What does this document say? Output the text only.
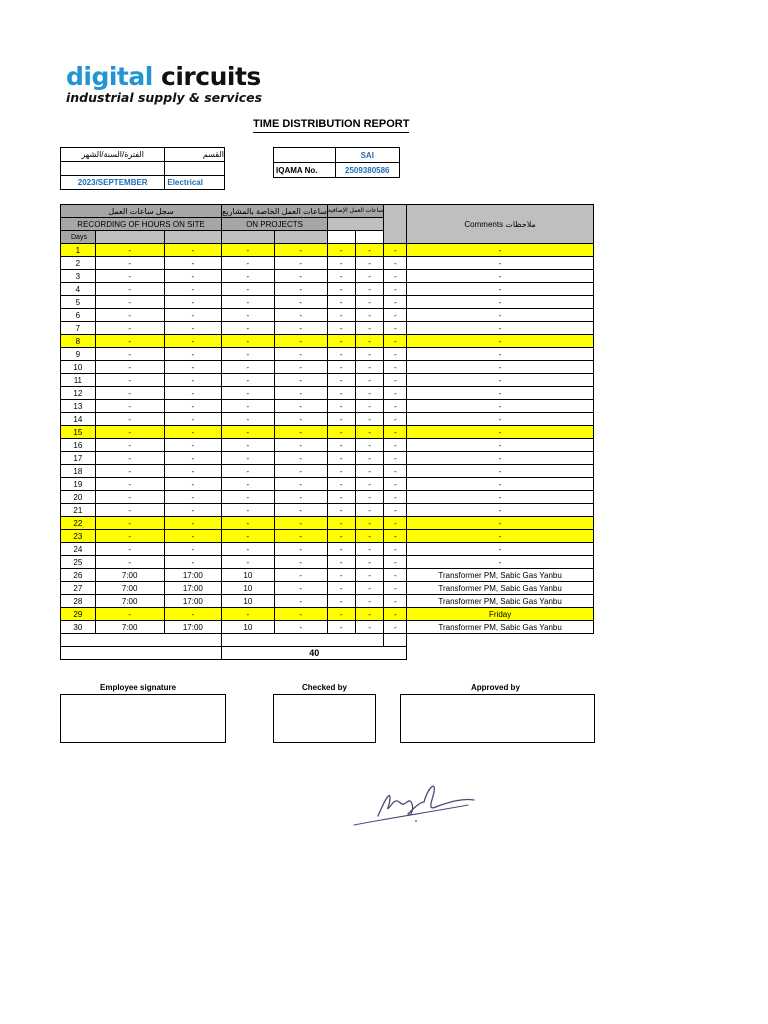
digital circuits
industrial supply & services
TIME DISTRIBUTION REPORT
الفترة/السنة/الشهر	القسم

2023/SEPTEMBER	Electrical
	SAI
IQAMA No.	2509380586
سجل ساعات العمل			ساعات العمل الخاصة بالمشاريع		ساعات العمل الإضافية			Comments ملاحظات
RECORDING OF HOURS ON SITE			ON PROJECTS					
Days								
1	-	-	-	-	-	-	-	-
2	-	-	-	-	-	-	-	-
3	-	-	-	-	-	-	-	-
4	-	-	-	-	-	-	-	-
5	-	-	-	-	-	-	-	-
6	-	-	-	-	-	-	-	-
7	-	-	-	-	-	-	-	-
8	-	-	-	-	-	-	-	-
9	-	-	-	-	-	-	-	-
10	-	-	-	-	-	-	-	-
11	-	-	-	-	-	-	-	-
12	-	-	-	-	-	-	-	-
13	-	-	-	-	-	-	-	-
14	-	-	-	-	-	-	-	-
15	-	-	-	-	-	-	-	-
16	-	-	-	-	-	-	-	-
17	-	-	-	-	-	-	-	-
18	-	-	-	-	-	-	-	-
19	-	-	-	-	-	-	-	-
20	-	-	-	-	-	-	-	-
21	-	-	-	-	-	-	-	-
22	-	-	-	-	-	-	-	-
23	-	-	-	-	-	-	-	-
24	-	-	-	-	-	-	-	-
25	-	-	-	-	-	-	-	-
26	7:00	17:00	10	-	-	-	-	Transformer PM, Sabic Gas Yanbu
27	7:00	17:00	10	-	-	-	-	Transformer PM, Sabic Gas Yanbu
28	7:00	17:00	10	-	-	-	-	Transformer PM, Sabic Gas Yanbu
29	-	-	-	-	-	-	-	Friday
30	7:00	17:00	10	-	-	-	-	Transformer PM, Sabic Gas Yanbu

			40					
Employee signature	Checked by	Approved by
